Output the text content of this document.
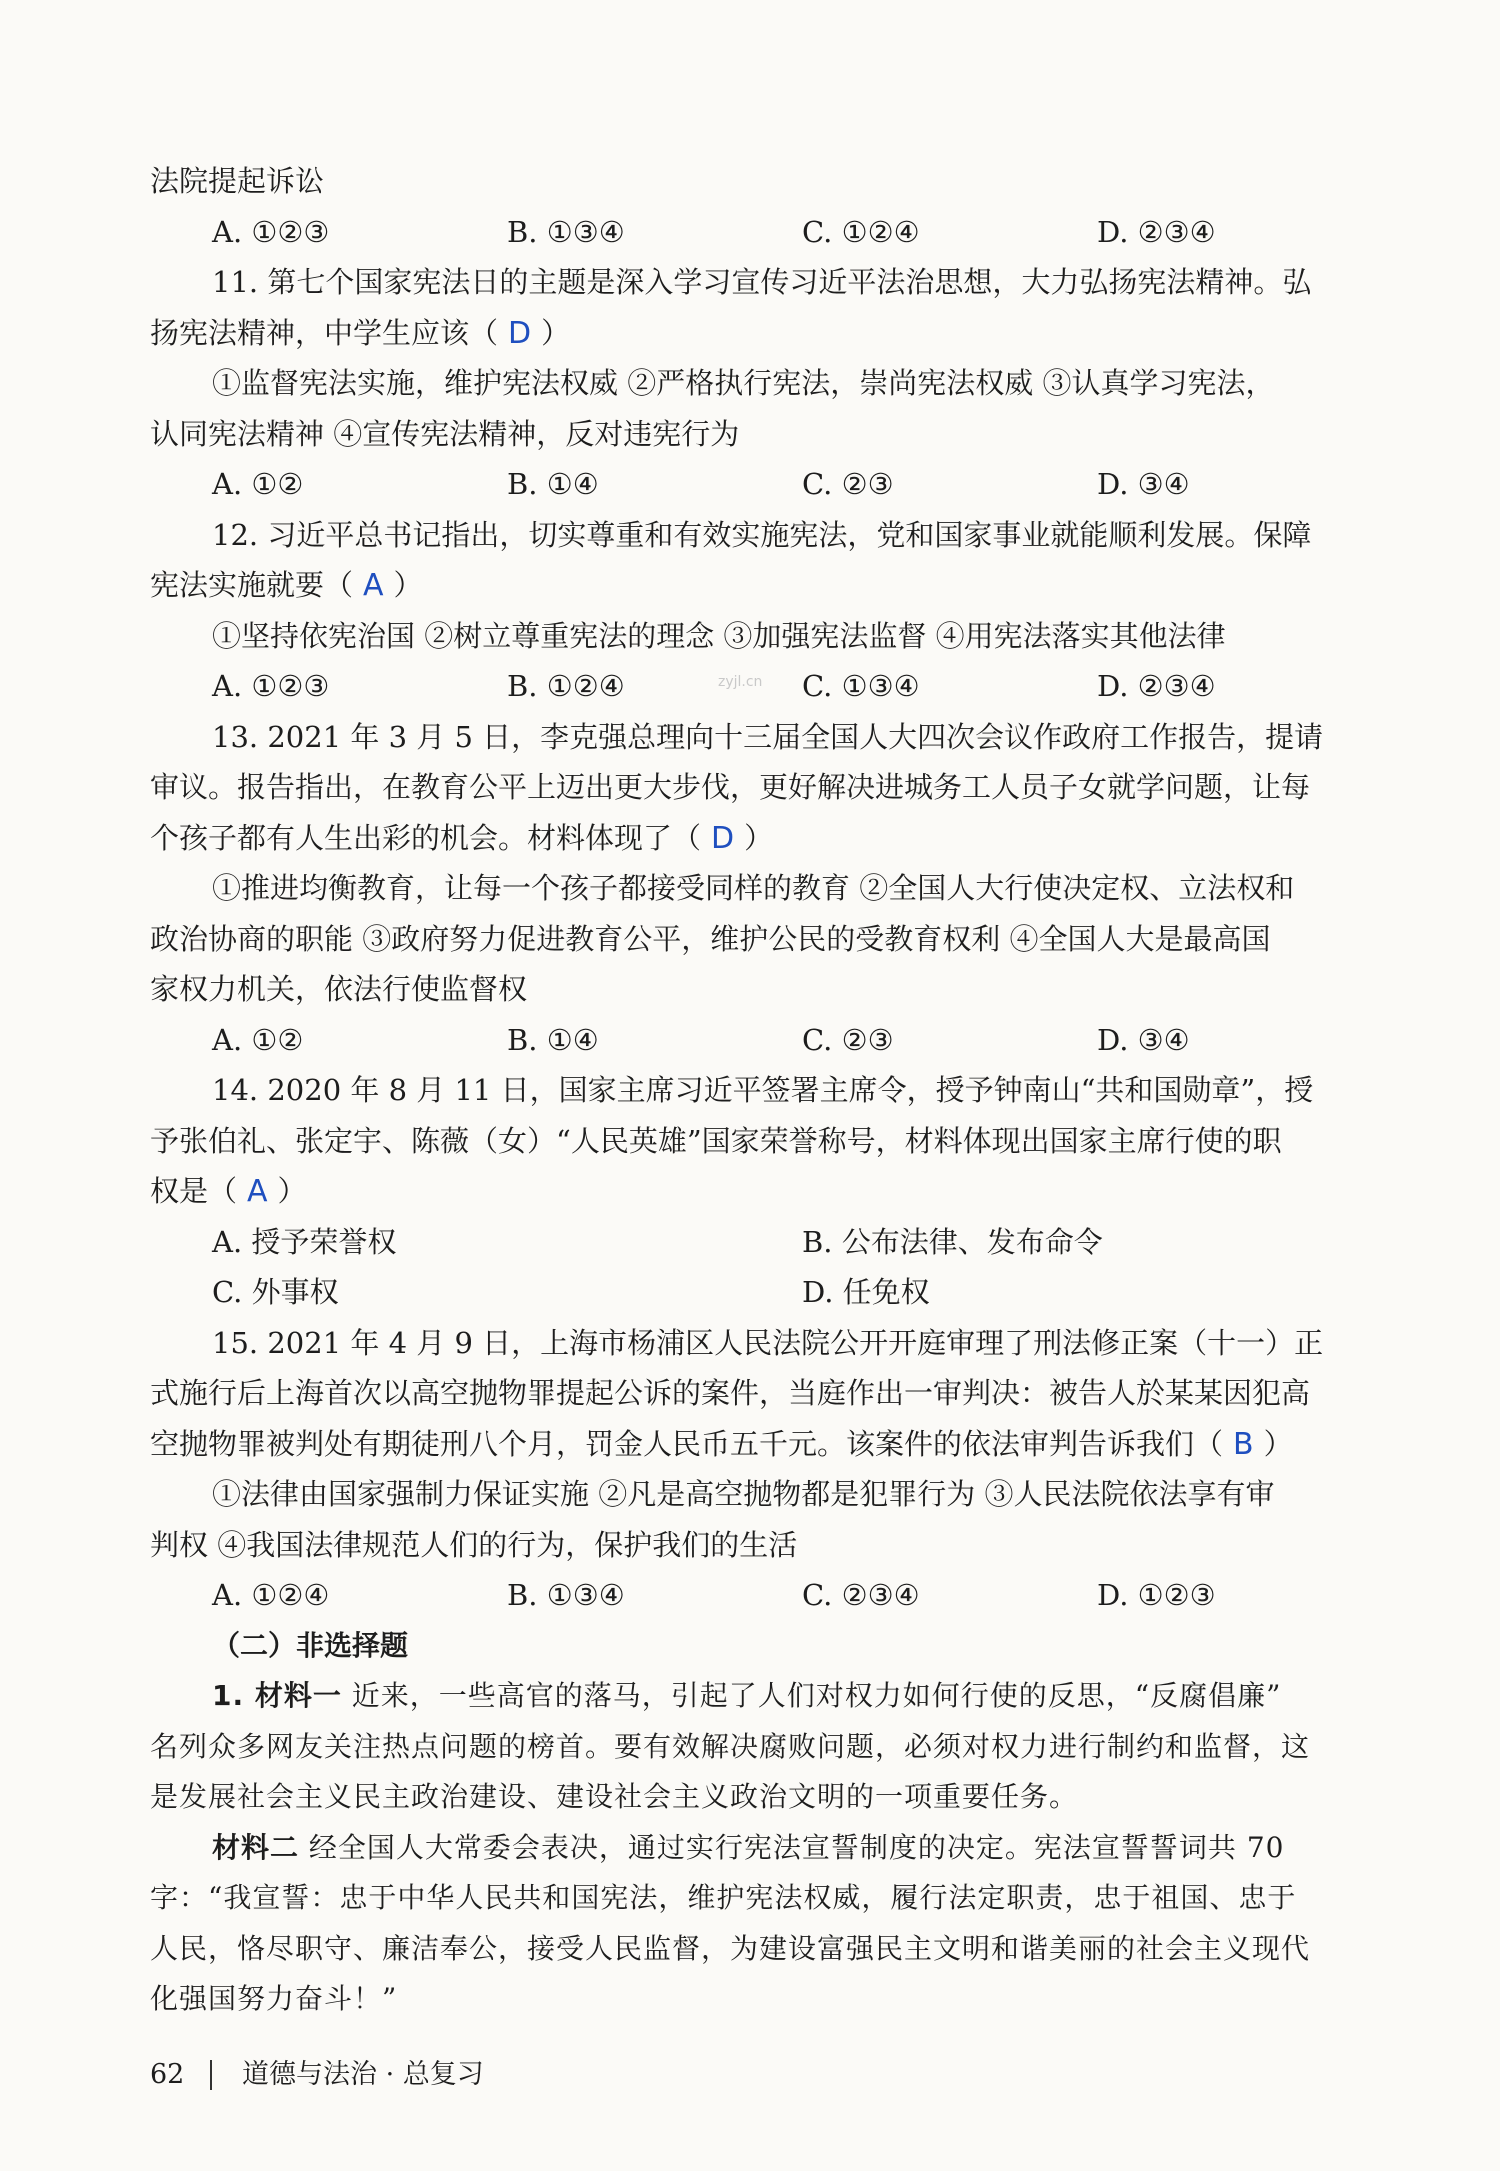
法院提起诉讼
A. ①②③	B. ①③④	C. ①②④	D. ②③④
11. 第七个国家宪法日的主题是深入学习宣传习近平法治思想，大力弘扬宪法精神。弘
扬宪法精神，中学生应该（ D ）
①监督宪法实施，维护宪法权威 ②严格执行宪法，崇尚宪法权威 ③认真学习宪法，
认同宪法精神 ④宣传宪法精神，反对违宪行为
A. ①②	B. ①④	C. ②③	D. ③④
12. 习近平总书记指出，切实尊重和有效实施宪法，党和国家事业就能顺利发展。保障
宪法实施就要（ A ）
①坚持依宪治国 ②树立尊重宪法的理念 ③加强宪法监督 ④用宪法落实其他法律
A. ①②③	B. ①②④	C. ①③④	D. ②③④
13. 2021 年 3 月 5 日，李克强总理向十三届全国人大四次会议作政府工作报告，提请
审议。报告指出，在教育公平上迈出更大步伐，更好解决进城务工人员子女就学问题，让每
个孩子都有人生出彩的机会。材料体现了（ D ）
①推进均衡教育，让每一个孩子都接受同样的教育 ②全国人大行使决定权、立法权和
政治协商的职能 ③政府努力促进教育公平，维护公民的受教育权利 ④全国人大是最高国
家权力机关，依法行使监督权
A. ①②	B. ①④	C. ②③	D. ③④
14. 2020 年 8 月 11 日，国家主席习近平签署主席令，授予钟南山“共和国勋章”，授
予张伯礼、张定宇、陈薇（女）“人民英雄”国家荣誉称号，材料体现出国家主席行使的职
权是（ A ）
A. 授予荣誉权	B. 公布法律、发布命令
C. 外事权	D. 任免权
15. 2021 年 4 月 9 日，上海市杨浦区人民法院公开开庭审理了刑法修正案（十一）正
式施行后上海首次以高空抛物罪提起公诉的案件，当庭作出一审判决：被告人於某某因犯高
空抛物罪被判处有期徒刑八个月，罚金人民币五千元。该案件的依法审判告诉我们（ B ）
①法律由国家强制力保证实施 ②凡是高空抛物都是犯罪行为 ③人民法院依法享有审
判权 ④我国法律规范人们的行为，保护我们的生活
A. ①②④	B. ①③④	C. ②③④	D. ①②③
（二）非选择题
1. 材料一 近来，一些高官的落马，引起了人们对权力如何行使的反思，“反腐倡廉”
名列众多网友关注热点问题的榜首。要有效解决腐败问题，必须对权力进行制约和监督，这
是发展社会主义民主政治建设、建设社会主义政治文明的一项重要任务。
材料二 经全国人大常委会表决，通过实行宪法宣誓制度的决定。宪法宣誓誓词共 70
字：“我宣誓：忠于中华人民共和国宪法，维护宪法权威，履行法定职责，忠于祖国、忠于
人民，恪尽职守、廉洁奉公，接受人民监督，为建设富强民主文明和谐美丽的社会主义现代
化强国努力奋斗！”
zyjl.cn
62	道德与法治 · 总复习
